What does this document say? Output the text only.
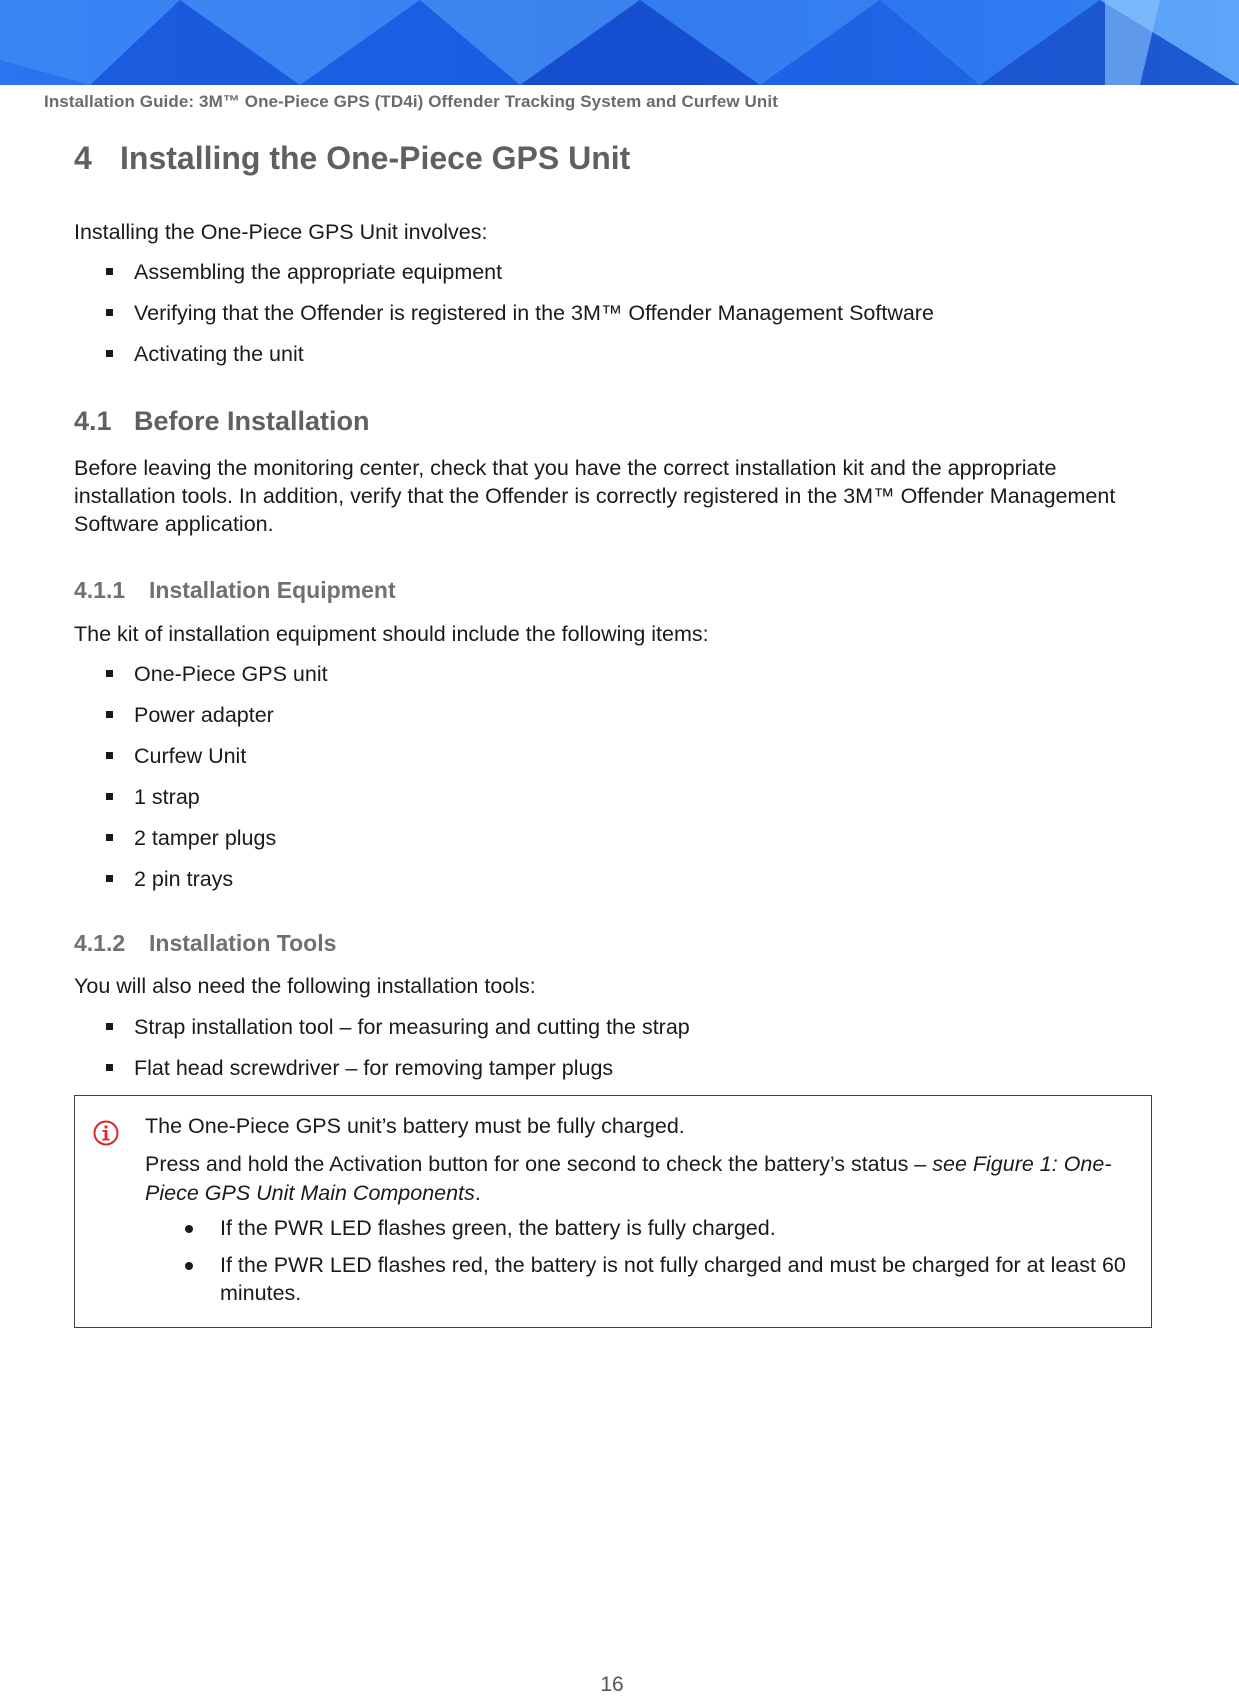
Installation Guide: 3M™ One-Piece GPS (TD4i) Offender Tracking System and Curfew Unit
4 Installing the One-Piece GPS Unit
Installing the One-Piece GPS Unit involves:
Assembling the appropriate equipment
Verifying that the Offender is registered in the 3M™ Offender Management Software
Activating the unit
4.1 Before Installation
Before leaving the monitoring center, check that you have the correct installation kit and the appropriate installation tools. In addition, verify that the Offender is correctly registered in the 3M™ Offender Management Software application.
4.1.1 Installation Equipment
The kit of installation equipment should include the following items:
One-Piece GPS unit
Power adapter
Curfew Unit
1 strap
2 tamper plugs
2 pin trays
4.1.2 Installation Tools
You will also need the following installation tools:
Strap installation tool – for measuring and cutting the strap
Flat head screwdriver – for removing tamper plugs

The One-Piece GPS unit’s battery must be fully charged.

Press and hold the Activation button for one second to check the battery’s status – see Figure 1: One-Piece GPS Unit Main Components.

If the PWR LED flashes green, the battery is fully charged.
If the PWR LED flashes red, the battery is not fully charged and must be charged for at least 60 minutes.
16
